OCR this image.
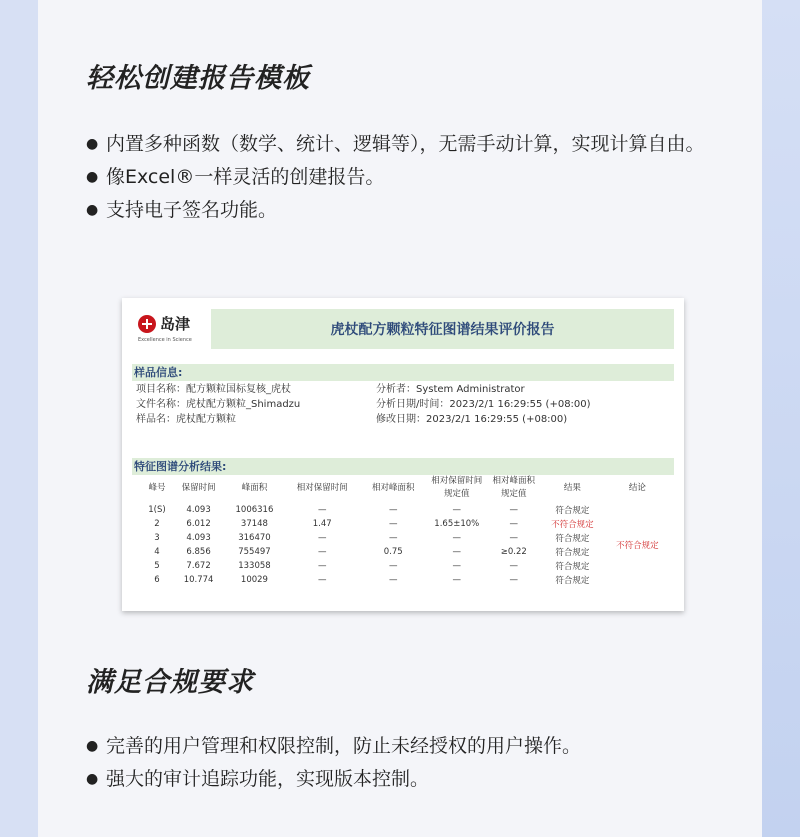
轻松创建报告模板
● 内置多种函数（数学、统计、逻辑等），无需手动计算，实现计算自由。
● 像Excel®一样灵活的创建报告。
● 支持电子签名功能。
岛津
Excellence in Science
虎杖配方颗粒特征图谱结果评价报告
样品信息:
项目名称：配方颗粒国标复核_虎杖
文件名称：虎杖配方颗粒_Shimadzu
样品名：虎杖配方颗粒
分析者：System Administrator
分析日期/时间：2023/2/1 16:29:55 (+08:00)
修改日期：2023/2/1 16:29:55 (+08:00)
特征图谱分析结果:
峰号	保留时间	峰面积	相对保留时间	相对峰面积	相对保留时间规定值	相对峰面积规定值	结果	结论
1(S)	4.093	1006316	—	—	—	—	符合规定	不符合规定
2	6.012	37148	1.47	—	1.65±10%	—	不符合规定	
3	4.093	316470	—	—	—	—	符合规定	
4	6.856	755497	—	0.75	—	≥0.22	符合规定	
5	7.672	133058	—	—	—	—	符合规定	
6	10.774	10029	—	—	—	—	符合规定	
满足合规要求
● 完善的用户管理和权限控制，防止未经授权的用户操作。
● 强大的审计追踪功能，实现版本控制。
